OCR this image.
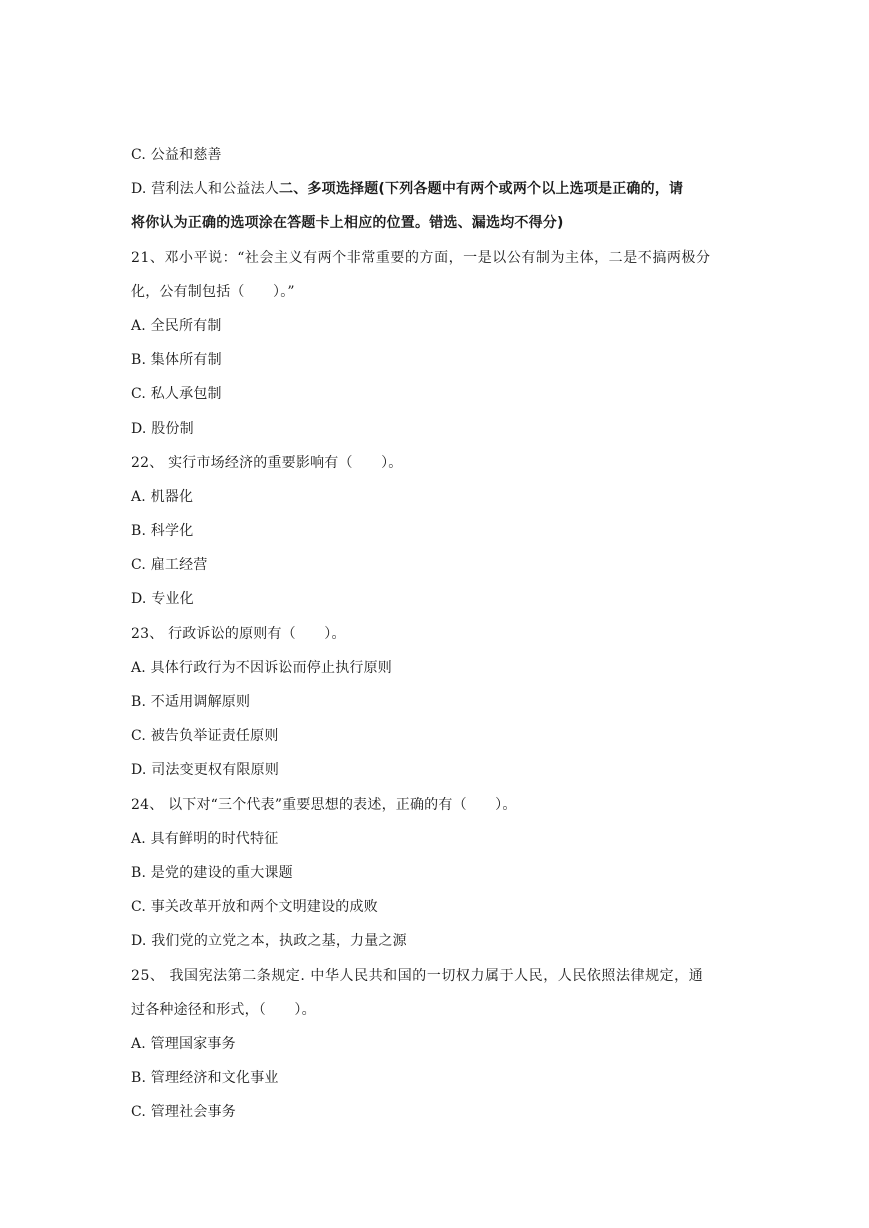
C. 公益和慈善
D. 营利法人和公益法人二、多项选择题(下列各题中有两个或两个以上选项是正确的，请
将你认为正确的选项涂在答题卡上相应的位置。错选、漏选均不得分)
21、邓小平说：“社会主义有两个非常重要的方面，一是以公有制为主体，二是不搞两极分
化，公有制包括（　　）。”
A. 全民所有制
B. 集体所有制
C. 私人承包制
D. 股份制
22、 实行市场经济的重要影响有（　　）。
A. 机器化
B. 科学化
C. 雇工经营
D. 专业化
23、 行政诉讼的原则有（　　）。
A. 具体行政行为不因诉讼而停止执行原则
B. 不适用调解原则
C. 被告负举证责任原则
D. 司法变更权有限原则
24、 以下对“三个代表”重要思想的表述，正确的有（　　）。
A. 具有鲜明的时代特征
B. 是党的建设的重大课题
C. 事关改革开放和两个文明建设的成败
D. 我们党的立党之本，执政之基，力量之源
25、 我国宪法第二条规定. 中华人民共和国的一切权力属于人民，人民依照法律规定，通
过各种途径和形式，（　　）。
A. 管理国家事务
B. 管理经济和文化事业
C. 管理社会事务
